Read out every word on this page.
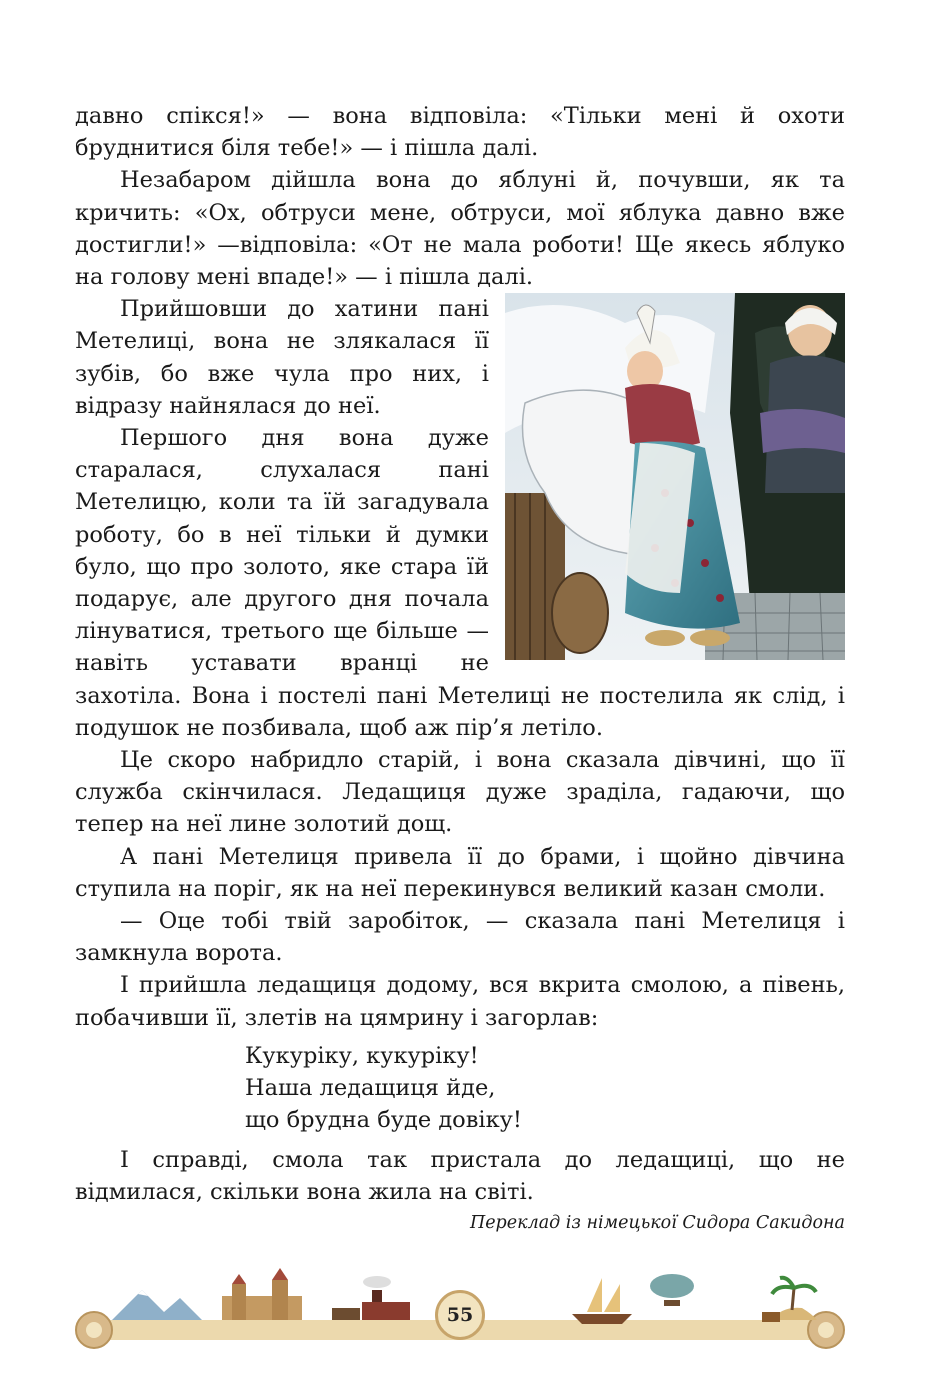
давно спікся!» — вона відповіла: «Тільки мені й охоти бруднитися біля тебе!» — і пішла далі.

Незабаром дійшла вона до яблуні й, почувши, як та кричить: «Ох, обтруси мене, обтруси, мої яблука давно вже достигли!» —відповіла: «От не мала роботи! Ще якесь яблуко на голову мені впаде!» — і пішла далі.

Прийшовши до хатини пані Метелиці, вона не злякалася її зубів, бо вже чула про них, і відразу найнялася до неї.

Першого дня вона дуже старалася, слухалася пані Метелицю, коли та їй загадувала роботу, бо в неї тільки й думки було, що про золото, яке стара їй подарує, але другого дня почала лінуватися, третього ще більше — навіть уставати вранці не захотіла. Вона і постелі пані Метелиці не постелила як слід, і подушок не позбивала, щоб аж пір’я летіло.

Це скоро набридло старій, і вона сказала дівчині, що її служба скінчилася. Ледащиця дуже зраділа, гадаючи, що тепер на неї лине золотий дощ.

А пані Метелиця привела її до брами, і щойно дівчина ступила на поріг, як на неї перекинувся великий казан смоли.

— Оце тобі твій заробіток, — сказала пані Метелиця і замкнула ворота.

І прийшла ледащиця додому, вся вкрита смолою, а півень, побачивши її, злетів на цямрину і загорлав:

Кукуріку, кукуріку!
Наша ледащиця йде,
що брудна буде довіку!

І справді, смола так пристала до ледащиці, що не відмилася, скільки вона жила на світі.

Переклад із німецької Сидора Сакидона
55
